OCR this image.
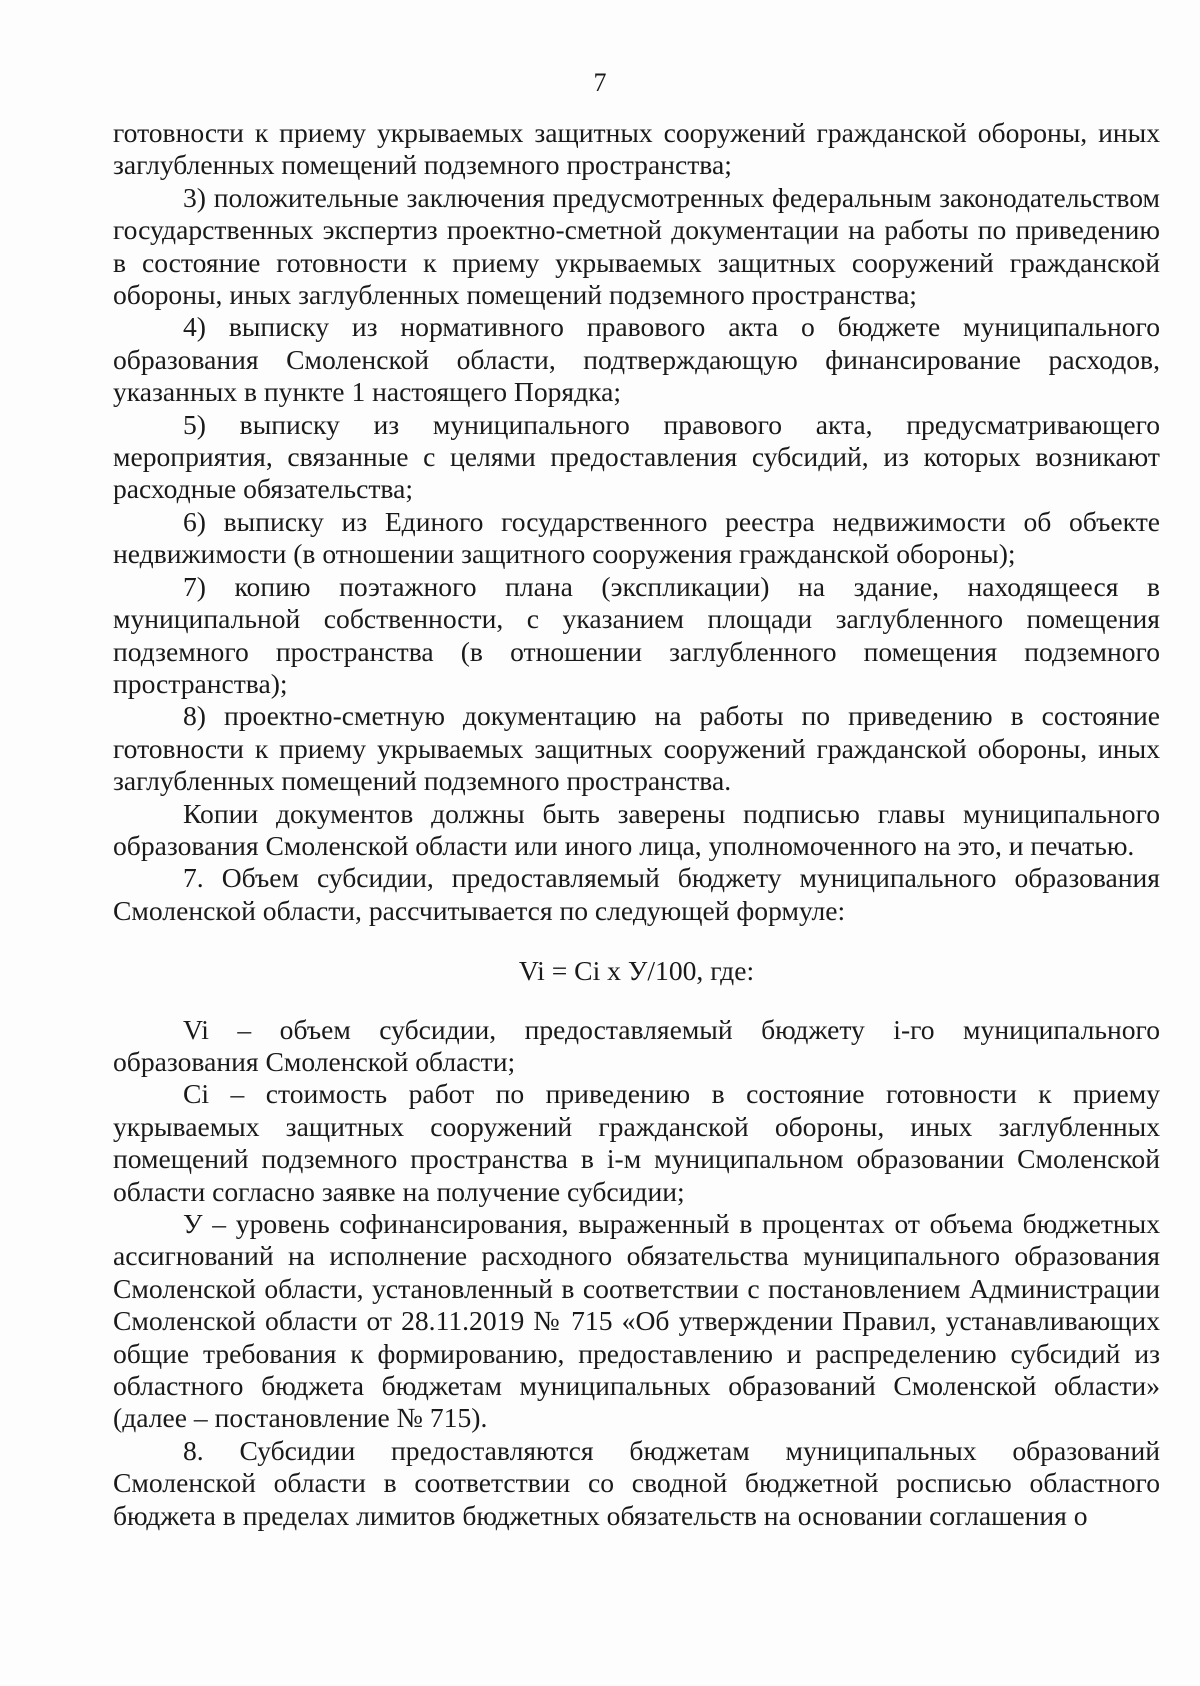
7

готовности к приему укрываемых защитных сооружений гражданской обороны, иных заглубленных помещений подземного пространства;

3) положительные заключения предусмотренных федеральным законодательством государственных экспертиз проектно-сметной документации на работы по приведению в состояние готовности к приему укрываемых защитных сооружений гражданской обороны, иных заглубленных помещений подземного пространства;

4) выписку из нормативного правового акта о бюджете муниципального образования Смоленской области, подтверждающую финансирование расходов, указанных в пункте 1 настоящего Порядка;

5) выписку из муниципального правового акта, предусматривающего мероприятия, связанные с целями предоставления субсидий, из которых возникают расходные обязательства;

6) выписку из Единого государственного реестра недвижимости об объекте недвижимости (в отношении защитного сооружения гражданской обороны);

7) копию поэтажного плана (экспликации) на здание, находящееся в муниципальной собственности, с указанием площади заглубленного помещения подземного пространства (в отношении заглубленного помещения подземного пространства);

8) проектно-сметную документацию на работы по приведению в состояние готовности к приему укрываемых защитных сооружений гражданской обороны, иных заглубленных помещений подземного пространства.

Копии документов должны быть заверены подписью главы муниципального образования Смоленской области или иного лица, уполномоченного на это, и печатью.

7. Объем субсидии, предоставляемый бюджету муниципального образования Смоленской области, рассчитывается по следующей формуле:

Vi = Ci x У/100, где:

Vi – объем субсидии, предоставляемый бюджету i-го муниципального образования Смоленской области;

Ci – стоимость работ по приведению в состояние готовности к приему укрываемых защитных сооружений гражданской обороны, иных заглубленных помещений подземного пространства в i-м муниципальном образовании Смоленской области согласно заявке на получение субсидии;

У – уровень софинансирования, выраженный в процентах от объема бюджетных ассигнований на исполнение расходного обязательства муниципального образования Смоленской области, установленный в соответствии с постановлением Администрации Смоленской области от 28.11.2019 № 715 «Об утверждении Правил, устанавливающих общие требования к формированию, предоставлению и распределению субсидий из областного бюджета бюджетам муниципальных образований Смоленской области» (далее – постановление № 715).

8. Субсидии предоставляются бюджетам муниципальных образований Смоленской области в соответствии со сводной бюджетной росписью областного бюджета в пределах лимитов бюджетных обязательств на основании соглашения о
